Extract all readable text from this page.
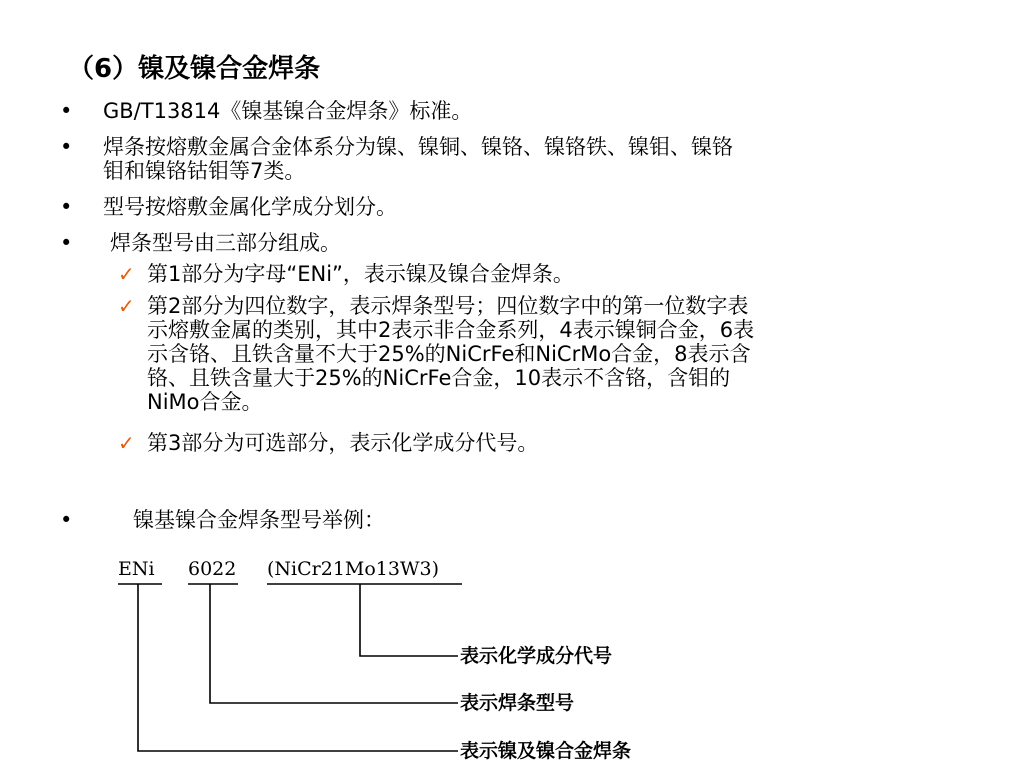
（6）镍及镍合金焊条
• GB/T13814《镍基镍合金焊条》标准。
• 焊条按熔敷金属合金体系分为镍、镍铜、镍铬、镍铬铁、镍钼、镍铬
钼和镍铬钴钼等7类。
• 型号按熔敷金属化学成分划分。
• 焊条型号由三部分组成。
✓ 第1部分为字母“ENi”，表示镍及镍合金焊条。
✓ 第2部分为四位数字，表示焊条型号；四位数字中的第一位数字表
示熔敷金属的类别，其中2表示非合金系列，4表示镍铜合金，6表
示含铬、且铁含量不大于25%的NiCrFe和NiCrMo合金，8表示含
铬、且铁含量大于25%的NiCrFe合金，10表示不含铬，含钼的
NiMo合金。
✓ 第3部分为可选部分，表示化学成分代号。
•	镍基镍合金焊条型号举例：
ENi 6022 (NiCr21Mo13W3)
表示化学成分代号
表示焊条型号
表示镍及镍合金焊条
